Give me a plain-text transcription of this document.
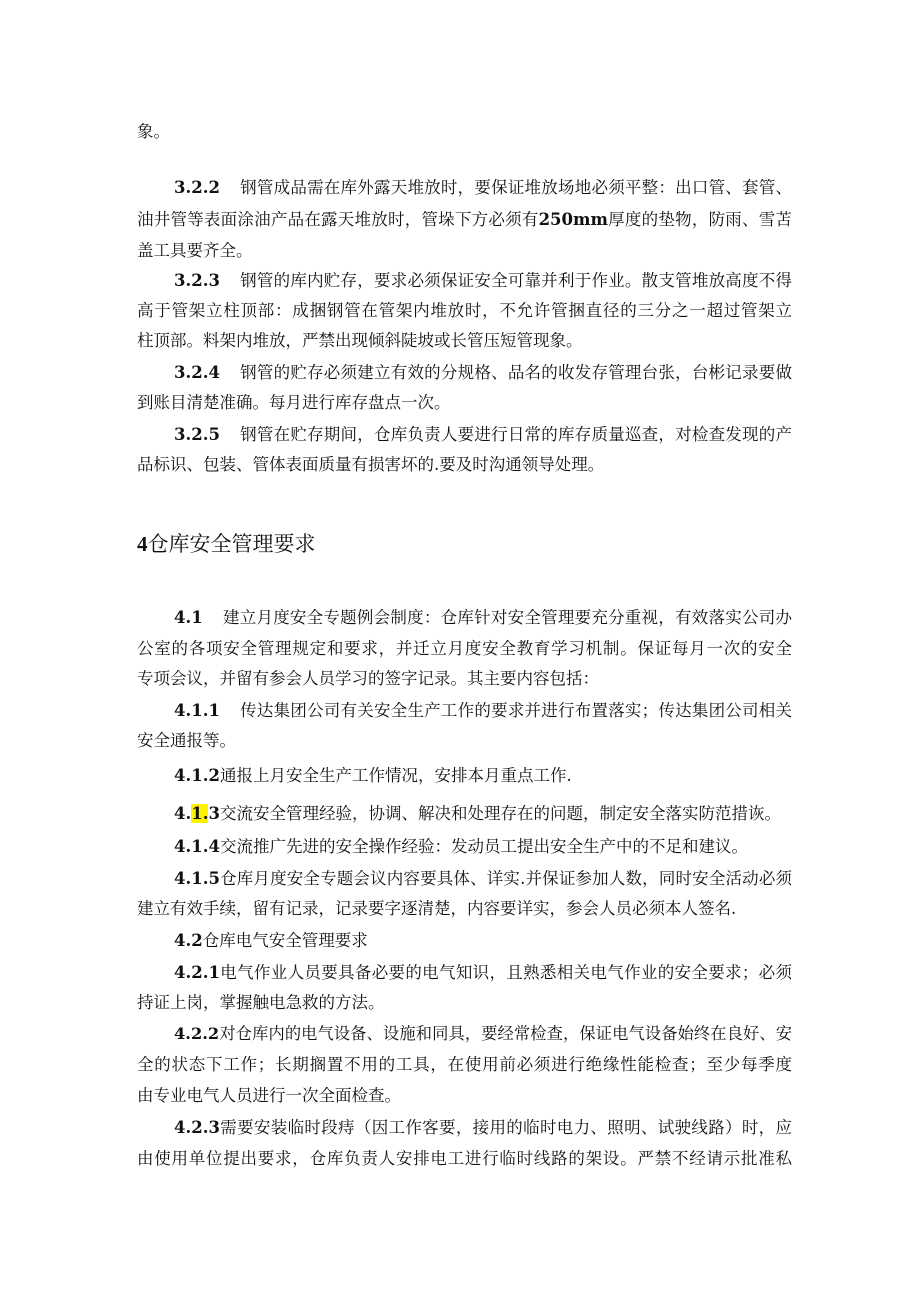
象。
3.2.2 钢管成品需在库外露天堆放时，要保证堆放场地必须平整：出口管、套管、
油井管等表面涂油产品在露天堆放时，管垛下方必须有250mm厚度的垫物，防雨、雪苫
盖工具要齐全。
3.2.3 钢管的库内贮存，要求必须保证安全可靠并利于作业。散支管堆放高度不得
高于管架立柱顶部：成捆钢管在管架内堆放时，不允许管捆直径的三分之一超过管架立
柱顶部。料架内堆放，严禁出现倾斜陡坡或长管压短管现象。
3.2.4 钢管的贮存必须建立有效的分规格、品名的收发存管理台张，台彬记录要做
到账目清楚准确。每月进行库存盘点一次。
3.2.5 钢管在贮存期间，仓库负责人要进行日常的库存质量巡查，对检查发现的产
品标识、包装、管体表面质量有损害坏的.要及时沟通领导处理。
4仓库安全管理要求
4.1 建立月度安全专题例会制度：仓库针对安全管理要充分重视，有效落实公司办
公室的各项安全管理规定和要求，并迁立月度安全教育学习机制。保证每月一次的安全
专项会议，并留有参会人员学习的签字记录。其主要内容包括：
4.1.1 传达集团公司有关安全生产工作的要求并进行布置落实；传达集团公司相关
安全通报等。
4.1.2通报上月安全生产工作情况，安排本月重点工作.
4.1.3交流安全管理经验，协调、解决和处理存在的问题，制定安全落实防范措诙。
4.1.4交流推广先进的安全操作经验：发动员工提出安全生产中的不足和建议。
4.1.5仓库月度安全专题会议内容要具体、详实.并保证参加人数，同时安全活动必须
建立有效手续，留有记录，记录要字逐清楚，内容要详实，参会人员必须本人签名.
4.2仓库电气安全管理要求
4.2.1电气作业人员要具备必要的电气知识，且熟悉相关电气作业的安全要求；必须
持证上岗，掌握触电急救的方法。
4.2.2对仓库内的电气设备、设施和同具，要经常检查，保证电气设备始终在良好、安
全的状态下工作；长期搁置不用的工具，在使用前必须进行绝缘性能检查；至少每季度
由专业电气人员进行一次全面检查。
4.2.3需要安装临时段痔（因工作客要，接用的临时电力、照明、试驶线路）时，应
由使用单位提出要求，仓库负责人安排电工进行临时线路的架设。严禁不经请示批准私
